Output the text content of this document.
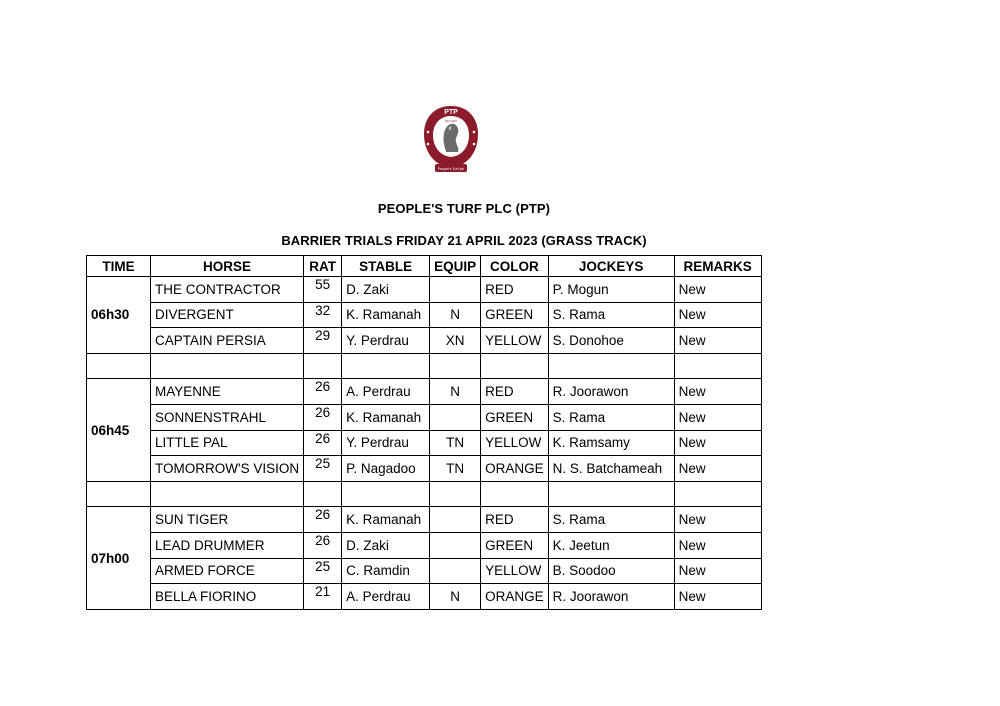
PTP
EST. 2023
People's Turf plc
PEOPLE'S TURF PLC (PTP)
BARRIER TRIALS FRIDAY 21 APRIL 2023 (GRASS TRACK)
TIME	HORSE	RAT	STABLE	EQUIP	COLOR	JOCKEYS	REMARKS
06h30	THE CONTRACTOR	55	D. Zaki		RED	P. Mogun	New
	DIVERGENT	32	K. Ramanah	N	GREEN	S. Rama	New
	CAPTAIN PERSIA	29	Y. Perdrau	XN	YELLOW	S. Donohoe	New

06h45	MAYENNE	26	A. Perdrau	N	RED	R. Joorawon	New
	SONNENSTRAHL	26	K. Ramanah		GREEN	S. Rama	New
	LITTLE PAL	26	Y. Perdrau	TN	YELLOW	K. Ramsamy	New
	TOMORROW'S VISION	25	P. Nagadoo	TN	ORANGE	N. S. Batchameah	New

07h00	SUN TIGER	26	K. Ramanah		RED	S. Rama	New
	LEAD DRUMMER	26	D. Zaki		GREEN	K. Jeetun	New
	ARMED FORCE	25	C. Ramdin		YELLOW	B. Soodoo	New
	BELLA FIORINO	21	A. Perdrau	N	ORANGE	R. Joorawon	New
